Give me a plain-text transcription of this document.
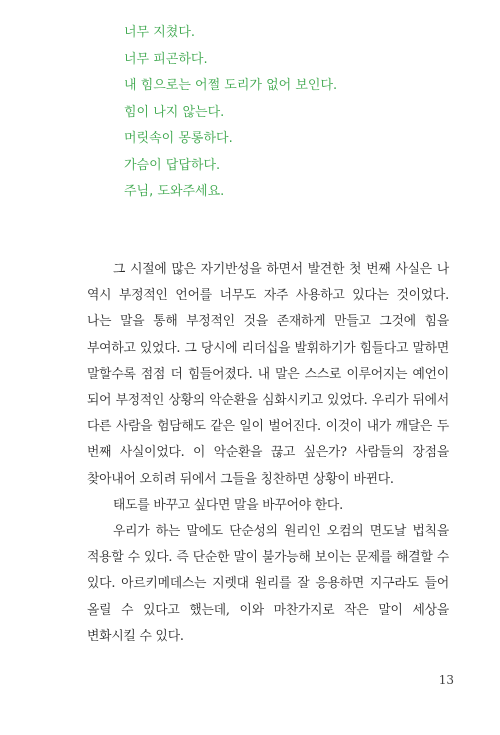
너무 지쳤다.
너무 피곤하다.
내 힘으로는 어쩔 도리가 없어 보인다.
힘이 나지 않는다.
머릿속이 몽롱하다.
가슴이 답답하다.
주님, 도와주세요.

그 시절에 많은 자기반성을 하면서 발견한 첫 번째 사실은 나 역시 부정적인 언어를 너무도 자주 사용하고 있다는 것이었다. 나는 말을 통해 부정적인 것을 존재하게 만들고 그것에 힘을 부여하고 있었다. 그 당시에 리더십을 발휘하기가 힘들다고 말하면 말할수록 점점 더 힘들어졌다. 내 말은 스스로 이루어지는 예언이 되어 부정적인 상황의 악순환을 심화시키고 있었다. 우리가 뒤에서 다른 사람을 험담해도 같은 일이 벌어진다. 이것이 내가 깨달은 두 번째 사실이었다. 이 악순환을 끊고 싶은가? 사람들의 장점을 찾아내어 오히려 뒤에서 그들을 칭찬하면 상황이 바뀐다.

태도를 바꾸고 싶다면 말을 바꾸어야 한다.

우리가 하는 말에도 단순성의 원리인 오컴의 면도날 법칙을 적용할 수 있다. 즉 단순한 말이 불가능해 보이는 문제를 해결할 수 있다. 아르키메데스는 지렛대 원리를 잘 응용하면 지구라도 들어 올릴 수 있다고 했는데, 이와 마찬가지로 작은 말이 세상을 변화시킬 수 있다.

13
